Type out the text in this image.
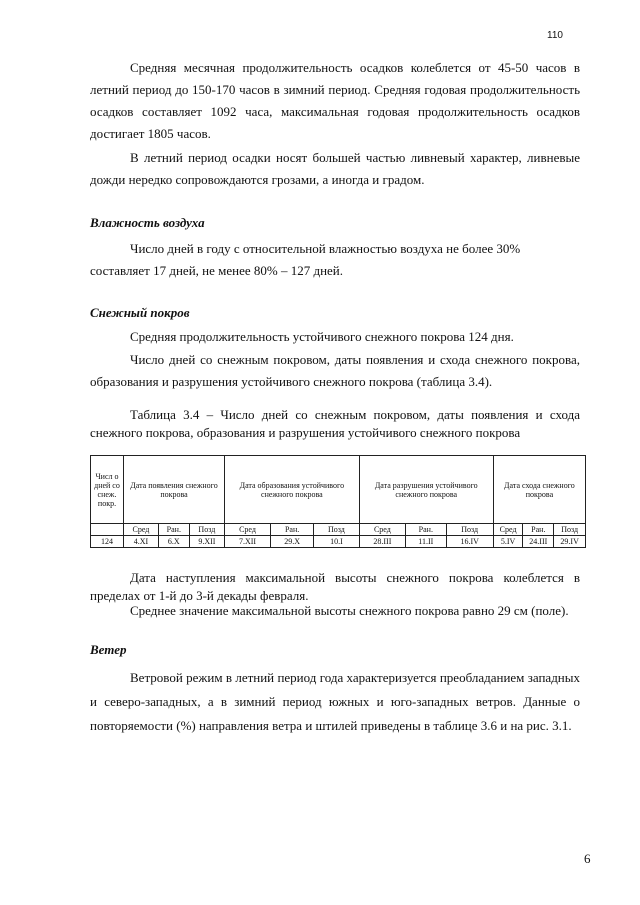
110

Средняя месячная продолжительность осадков колеблется от 45-50 часов в летний период до 150-170 часов в зимний период. Средняя годовая продолжительность осадков составляет 1092 часа, максимальная годовая продолжительность осадков достигает 1805 часов.

В летний период осадки носят большей частью ливневый характер, ливневые дожди нередко сопровождаются грозами, а иногда и градом.

Влажность воздуха

Число дней в году с относительной влажностью воздуха не более 30%

составляет 17 дней, не менее 80% – 127 дней.

Снежный покров

Средняя продолжительность устойчивого снежного покрова 124 дня.

Число дней со снежным покровом, даты появления и схода снежного покрова, образования и разрушения устойчивого снежного покрова (таблица 3.4).

Таблица 3.4 – Число дней со снежным покровом, даты появления и схода снежного покрова, образования и разрушения устойчивого снежного покрова

Числ о дней со снеж. покр.	Дата появления снежного покрова			Дата образования устойчивого снежного покрова			Дата разрушения устойчивого снежного покрова			Дата схода снежного покрова		
	Сред	Ран.	Позд	Сред	Ран.	Позд	Сред	Ран.	Позд	Сред	Ран.	Позд
124	4.XI	6.X	9.XII	7.XII	29.X	10.I	28.III	11.II	16.IV	5.IV	24.III	29.IV

Дата наступления максимальной высоты снежного покрова колеблется в пределах от 1-й до 3-й декады февраля.

Среднее значение максимальной высоты снежного покрова равно 29 см (поле).

Ветер

Ветровой режим в летний период года характеризуется преобладанием западных и северо-западных, а в зимний период южных и юго-западных ветров. Данные о повторяемости (%) направления ветра и штилей приведены в таблице 3.6 и на рис. 3.1.

6
